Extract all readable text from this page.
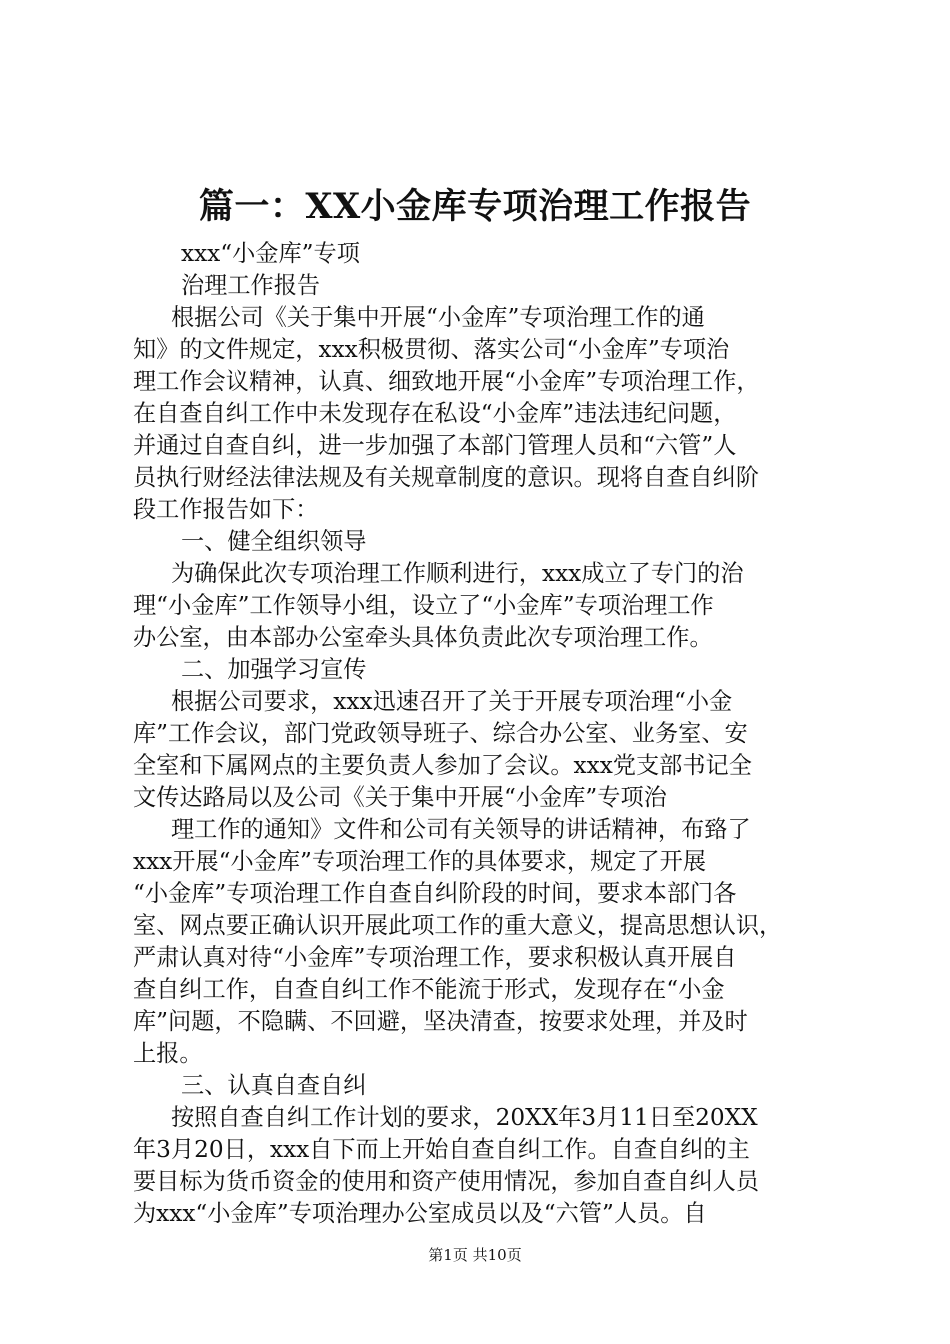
篇一：XX小金库专项治理工作报告
xxx“小金库”专项
治理工作报告
根据公司《关于集中开展“小金库”专项治理工作的通
知》的文件规定，xxx积极贯彻、落实公司“小金库”专项治
理工作会议精神，认真、细致地开展“小金库”专项治理工作，
在自查自纠工作中未发现存在私设“小金库”违法违纪问题，
并通过自查自纠，进一步加强了本部门管理人员和“六管”人
员执行财经法律法规及有关规章制度的意识。现将自查自纠阶
段工作报告如下：
一、健全组织领导
为确保此次专项治理工作顺利进行，xxx成立了专门的治
理“小金库”工作领导小组，设立了“小金库”专项治理工作
办公室，由本部办公室牵头具体负责此次专项治理工作。
二、加强学习宣传
根据公司要求，xxx迅速召开了关于开展专项治理“小金
库”工作会议，部门党政领导班子、综合办公室、业务室、安
全室和下属网点的主要负责人参加了会议。xxx党支部书记全
文传达路局以及公司《关于集中开展“小金库”专项治
理工作的通知》文件和公司有关领导的讲话精神，布臵了
xxx开展“小金库”专项治理工作的具体要求，规定了开展
“小金库”专项治理工作自查自纠阶段的时间，要求本部门各
室、网点要正确认识开展此项工作的重大意义，提高思想认识，
严肃认真对待“小金库”专项治理工作，要求积极认真开展自
查自纠工作，自查自纠工作不能流于形式，发现存在“小金
库”问题，不隐瞒、不回避，坚决清查，按要求处理，并及时
上报。
三、认真自查自纠
按照自查自纠工作计划的要求，20XX年3月11日至20XX
年3月20日，xxx自下而上开始自查自纠工作。自查自纠的主
要目标为货币资金的使用和资产使用情况，参加自查自纠人员
为xxx“小金库”专项治理办公室成员以及“六管”人员。自
第1页 共10页
